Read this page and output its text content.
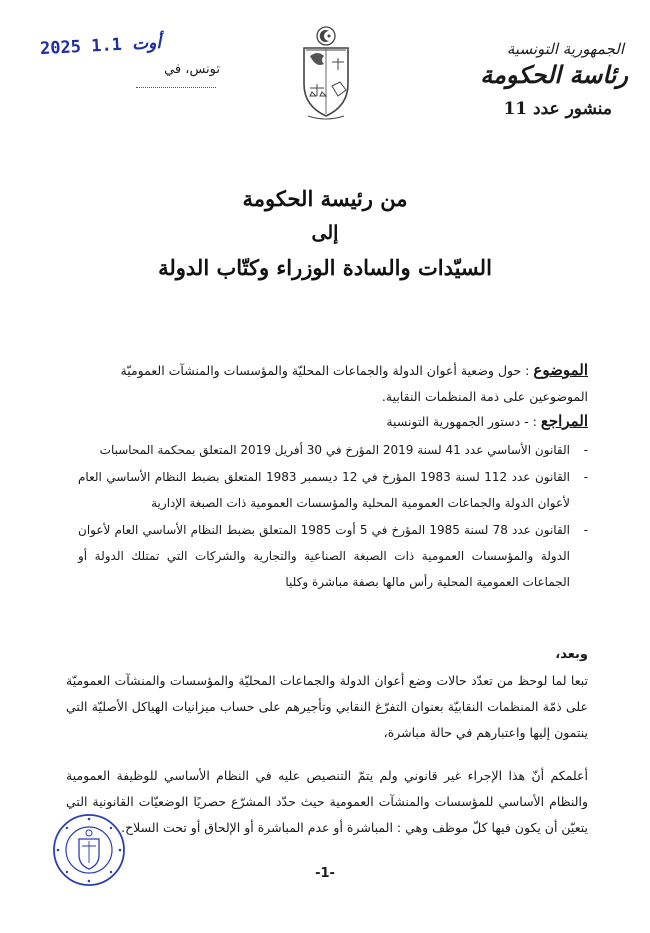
الجمهورية التونسية
رئاسة الحكومة
منشور عدد 11
2025	أوت 1.1
تونس، في
من رئيسة الحكومة
إلى
السيّدات والسادة الوزراء وكتّاب الدولة
الموضوع : حول وضعية أعوان الدولة والجماعات المحليّة والمؤسسات والمنشآت العموميّة الموضوعين على ذمة المنظمات النقابية.
المراجع : - دستور الجمهورية التونسية
- القانون الأساسي عدد 41 لسنة 2019 المؤرخ في 30 أفريل 2019 المتعلق بمحكمة المحاسبات
- القانون عدد 112 لسنة 1983 المؤرخ في 12 ديسمبر 1983 المتعلق بضبط النظام الأساسي العام لأعوان الدولة والجماعات العمومية المحلية والمؤسسات العمومية ذات الصبغة الإدارية
- القانون عدد 78 لسنة 1985 المؤرخ في 5 أوت 1985 المتعلق بضبط النظام الأساسي العام لأعوان الدولة والمؤسسات العمومية ذات الصبغة الصناعية والتجارية والشركات التي تمتلك الدولة أو الجماعات العمومية المحلية رأس مالها بصفة مباشرة وكليا
وبعد،
تبعا لما لوحظ من تعدّد حالات وضع أعوان الدولة والجماعات المحليّة والمؤسسات والمنشآت العموميّة على ذمّة المنظمات النقابيّة بعنوان التفرّغ النقابي وتأجيرهم على حساب ميزانيات الهياكل الأصليّة التي ينتمون إليها واعتبارهم في حالة مباشرة،
أعلمكم أنّ هذا الإجراء غير قانوني ولم يتمّ التنصيص عليه في النظام الأساسي للوظيفة العمومية والنظام الأساسي للمؤسسات والمنشآت العمومية حيث حدّد المشرّع حصريًا الوضعيّات القانونية التي يتعيّن أن يكون فيها كلّ موظف وهي : المباشرة أو عدم المباشرة أو الإلحاق أو تحت السلاح.
-1-
